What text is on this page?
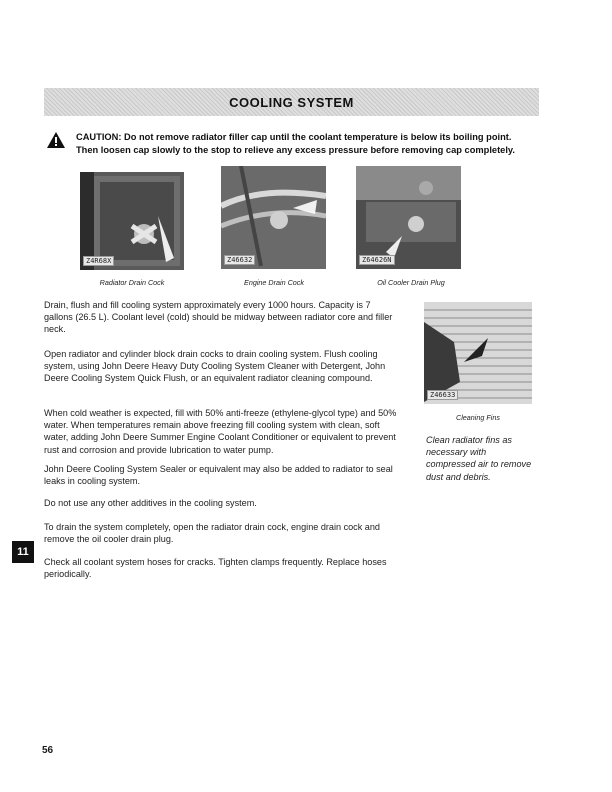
COOLING SYSTEM
CAUTION: Do not remove radiator filler cap until the coolant temperature is below its boiling point. Then loosen cap slowly to the stop to relieve any excess pressure before removing cap completely.
Z4R68X
Radiator Drain Cock
Z46632
Engine Drain Cock
Z64626N
Oil Cooler Drain Plug
Z46633
Cleaning Fins
Clean radiator fins as necessary with compressed air to remove dust and debris.
Drain, flush and fill cooling system approximately every 1000 hours. Capacity is 7 gallons (26.5 L). Coolant level (cold) should be midway between radiator core and filler neck.
Open radiator and cylinder block drain cocks to drain cooling system. Flush cooling system, using John Deere Heavy Duty Cooling System Cleaner with Detergent, John Deere Cooling System Quick Flush, or an equivalent radiator cleaning compound.
When cold weather is expected, fill with 50% anti-freeze (ethylene-glycol type) and 50% water. When temperatures remain above freezing fill cooling system with clean, soft water, adding John Deere Summer Engine Coolant Conditioner or equivalent to prevent rust and corrosion and provide lubrication to water pump.
John Deere Cooling System Sealer or equivalent may also be added to radiator to seal leaks in cooling system.
Do not use any other additives in the cooling system.
To drain the system completely, open the radiator drain cock, engine drain cock and remove the oil cooler drain plug.
Check all coolant system hoses for cracks. Tighten clamps frequently. Replace hoses periodically.
11
56
